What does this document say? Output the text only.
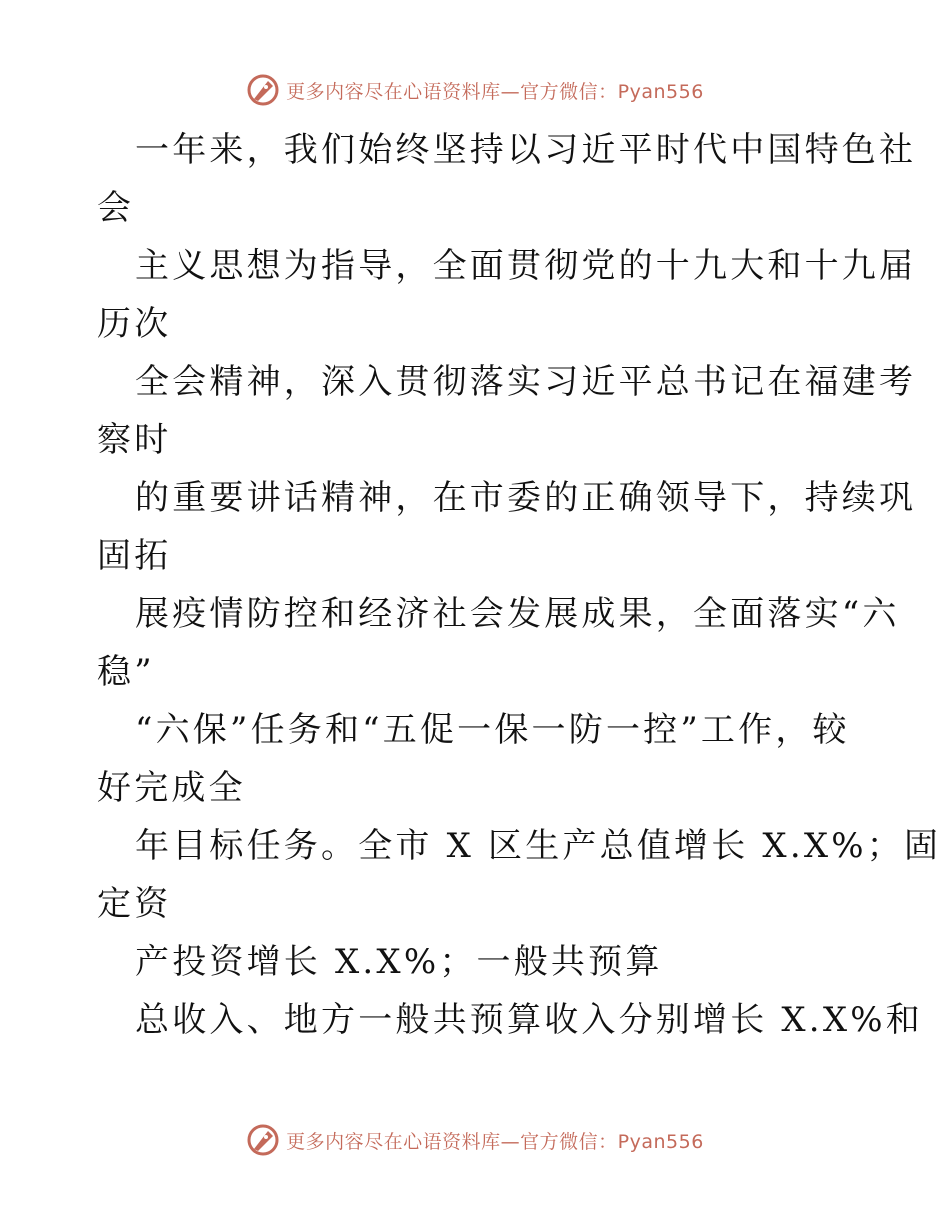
更多内容尽在心语资料库—官方微信：Pyan556
一年来，我们始终坚持以习近平时代中国特色社
会
主义思想为指导，全面贯彻党的十九大和十九届
历次
全会精神，深入贯彻落实习近平总书记在福建考
察时
的重要讲话精神，在市委的正确领导下，持续巩
固拓
展疫情防控和经济社会发展成果，全面落实“六
稳”
“六保”任务和“五促一保一防一控”工作，较
好完成全
年目标任务。全市 X 区生产总值增长 X.X%；固
定资
产投资增长 X.X%；一般共预算
总收入、地方一般共预算收入分别增长 X.X%和
更多内容尽在心语资料库—官方微信：Pyan556
